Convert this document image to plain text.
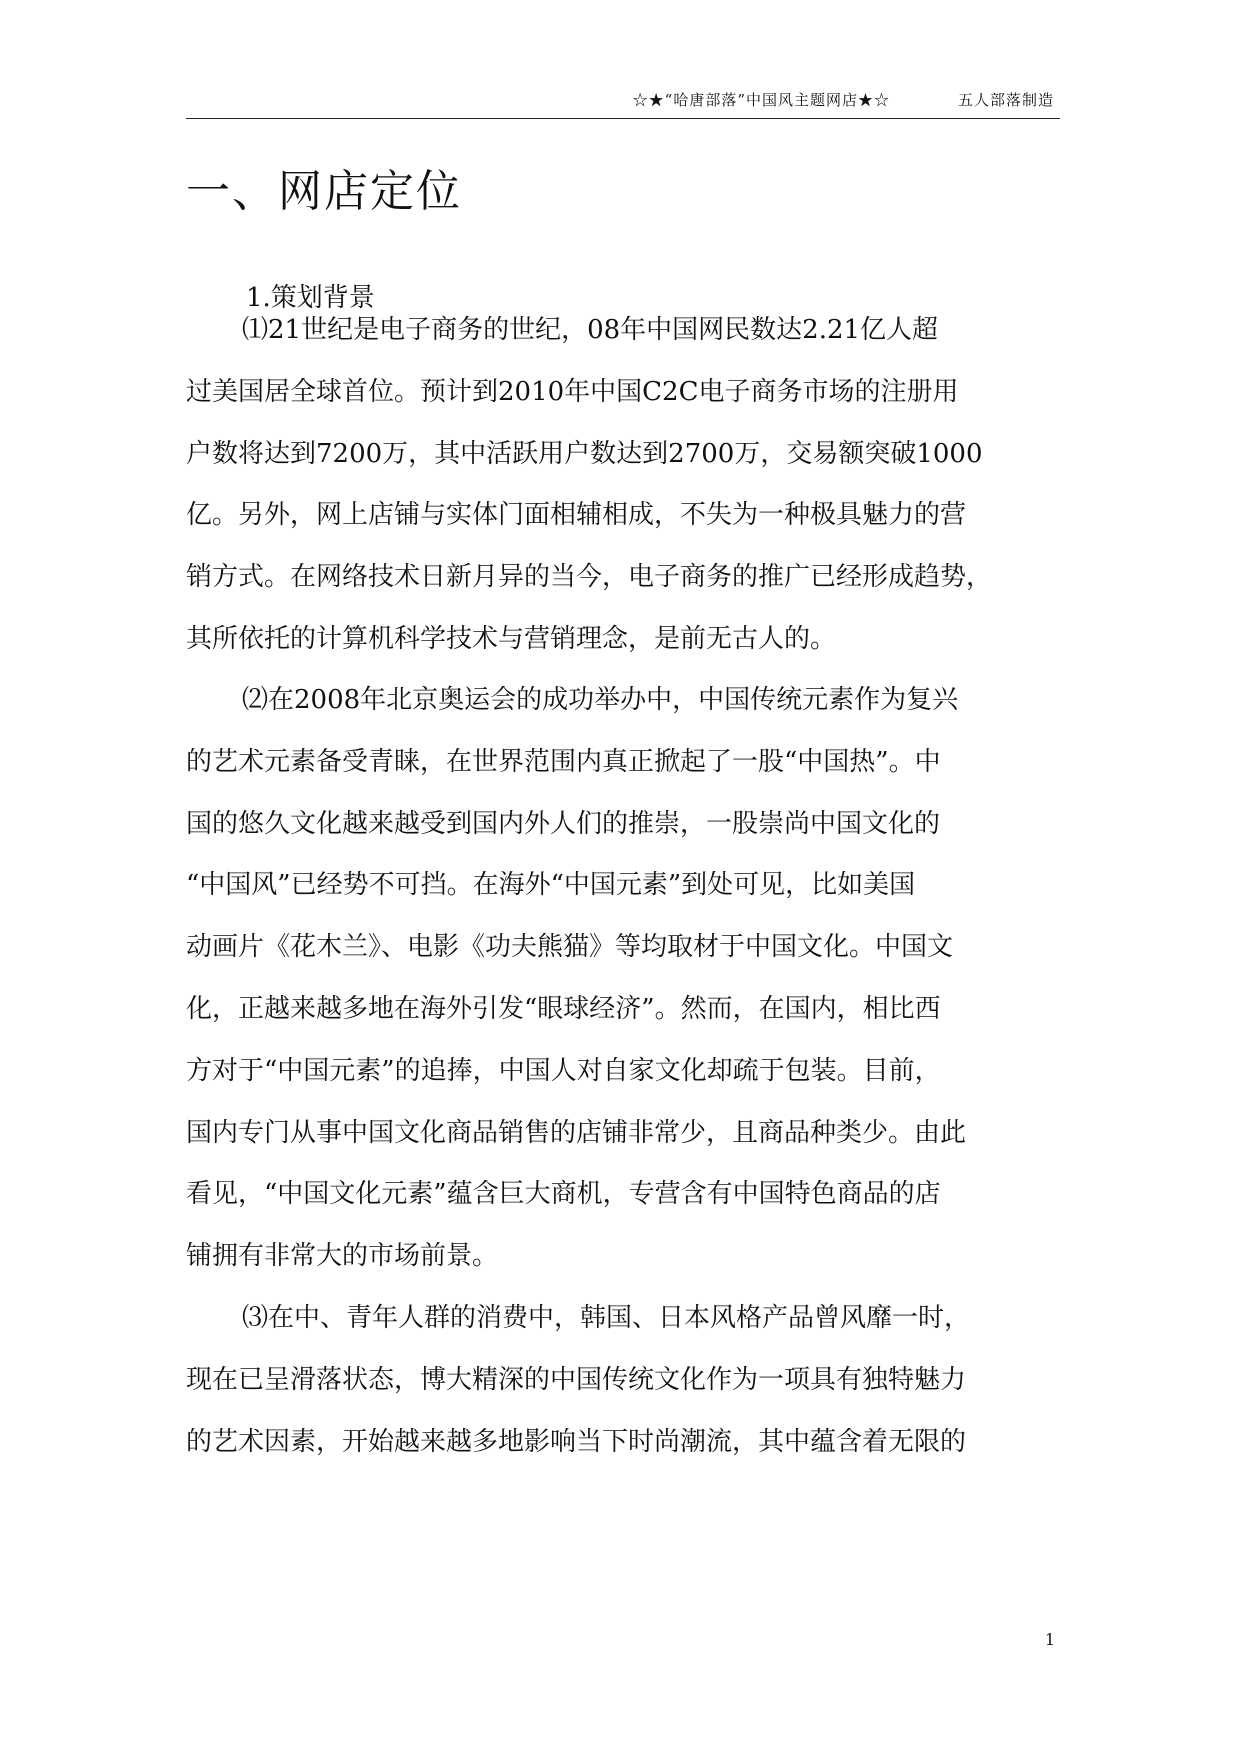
☆★“哈唐部落”中国风主题网店★☆	五人部落制造
一、网店定位
1.策划背景
⑴21世纪是电子商务的世纪，08年中国网民数达2.21亿人超
过美国居全球首位。预计到2010年中国C2C电子商务市场的注册用
户数将达到7200万，其中活跃用户数达到2700万，交易额突破1000
亿。另外，网上店铺与实体门面相辅相成，不失为一种极具魅力的营
销方式。在网络技术日新月异的当今，电子商务的推广已经形成趋势，
其所依托的计算机科学技术与营销理念，是前无古人的。
⑵在2008年北京奥运会的成功举办中，中国传统元素作为复兴
的艺术元素备受青睐，在世界范围内真正掀起了一股“中国热”。中
国的悠久文化越来越受到国内外人们的推崇，一股崇尚中国文化的
“中国风”已经势不可挡。在海外“中国元素”到处可见，比如美国
动画片《花木兰》、电影《功夫熊猫》等均取材于中国文化。中国文
化，正越来越多地在海外引发“眼球经济”。然而，在国内，相比西
方对于“中国元素”的追捧，中国人对自家文化却疏于包装。目前，
国内专门从事中国文化商品销售的店铺非常少，且商品种类少。由此
看见，“中国文化元素”蕴含巨大商机，专营含有中国特色商品的店
铺拥有非常大的市场前景。
⑶在中、青年人群的消费中，韩国、日本风格产品曾风靡一时，
现在已呈滑落状态，博大精深的中国传统文化作为一项具有独特魅力
的艺术因素，开始越来越多地影响当下时尚潮流，其中蕴含着无限的
1
